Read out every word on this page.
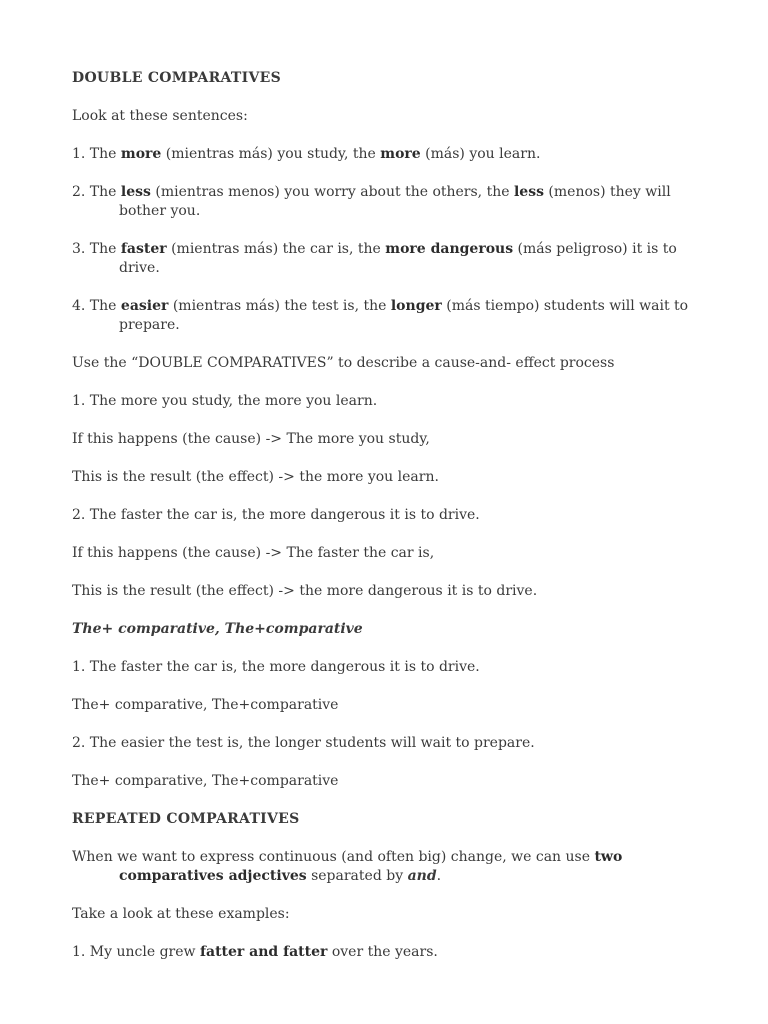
DOUBLE COMPARATIVES

Look at these sentences:

1. The more (mientras más) you study, the more (más) you learn.

2. The less (mientras menos) you worry about the others, the less (menos) they will bother you.

3. The faster (mientras más) the car is, the more dangerous (más peligroso) it is to drive.

4. The easier (mientras más) the test is, the longer (más tiempo) students will wait to prepare.

Use the “DOUBLE COMPARATIVES” to describe a cause-and- effect process

1. The more you study, the more you learn.

If this happens (the cause) -> The more you study,

This is the result (the effect) -> the more you learn.

2. The faster the car is, the more dangerous it is to drive.

If this happens (the cause) -> The faster the car is,

This is the result (the effect) -> the more dangerous it is to drive.

The+ comparative, The+comparative

1. The faster the car is, the more dangerous it is to drive.

The+ comparative, The+comparative

2. The easier the test is, the longer students will wait to prepare.

The+ comparative, The+comparative

REPEATED COMPARATIVES

When we want to express continuous (and often big) change, we can use two comparatives adjectives separated by and.

Take a look at these examples:

1. My uncle grew fatter and fatter over the years.
